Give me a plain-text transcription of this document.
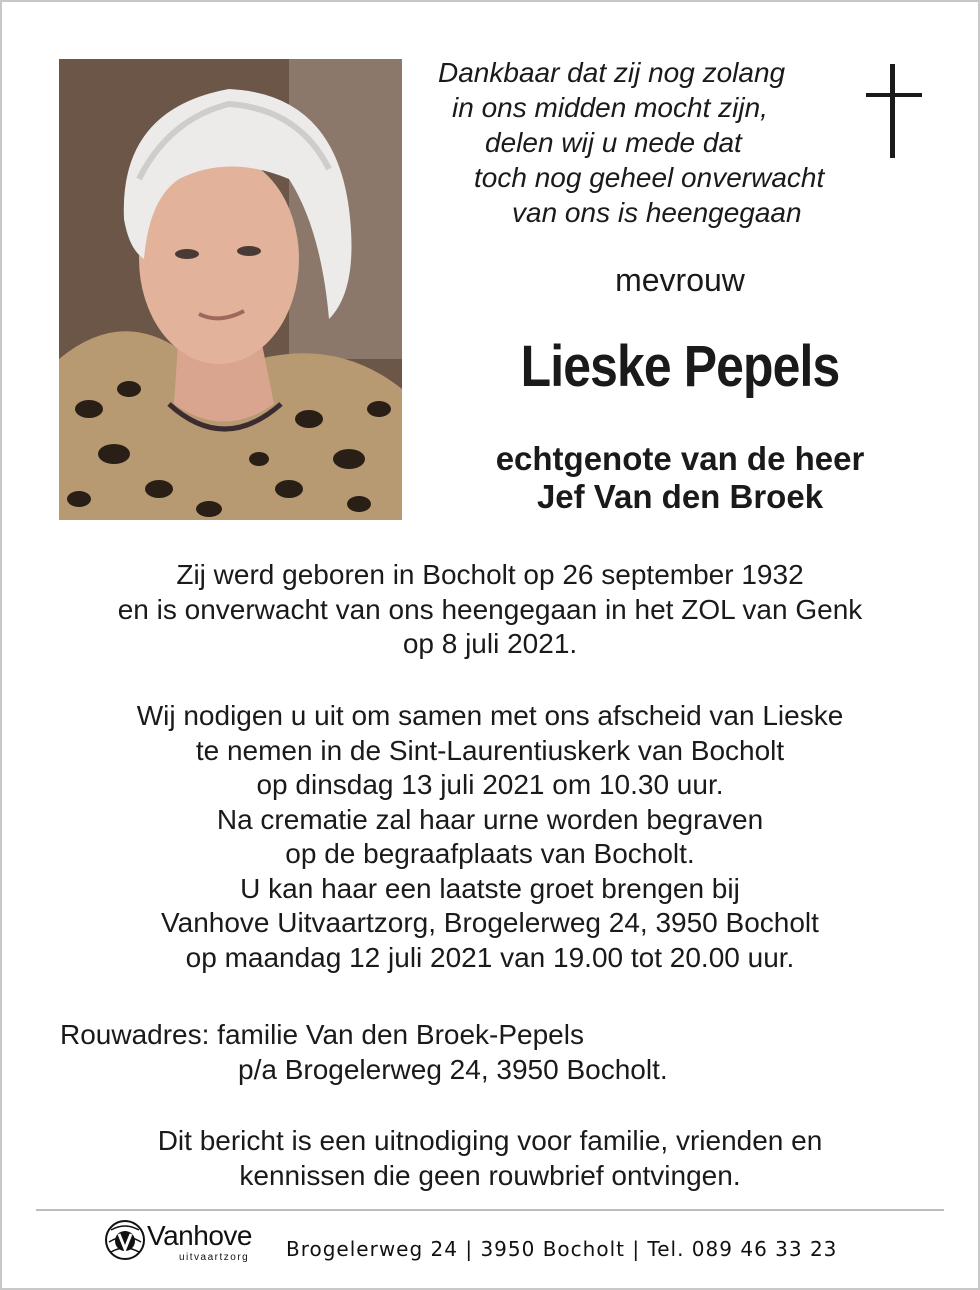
Dankbaar dat zij nog zolang
in ons midden mocht zijn,
delen wij u mede dat
toch nog geheel onverwacht
van ons is heengegaan
mevrouw
Lieske Pepels
echtgenote van de heer
Jef Van den Broek
Zij werd geboren in Bocholt op 26 september 1932
en is onverwacht van ons heengegaan in het ZOL van Genk
op 8 juli 2021.
Wij nodigen u uit om samen met ons afscheid van Lieske
te nemen in de Sint-Laurentiuskerk van Bocholt
op dinsdag 13 juli 2021 om 10.30 uur.
Na crematie zal haar urne worden begraven
op de begraafplaats van Bocholt.
U kan haar een laatste groet brengen bij
Vanhove Uitvaartzorg, Brogelerweg 24, 3950 Bocholt
op maandag 12 juli 2021 van 19.00 tot 20.00 uur.
Rouwadres: familie Van den Broek-Pepels
p/a Brogelerweg 24, 3950 Bocholt.
Dit bericht is een uitnodiging voor familie, vrienden en
kennissen die geen rouwbrief ontvingen.
Vanhove
uitvaartzorg Brogelerweg 24 | 3950 Bocholt | Tel. 089 46 33 23
